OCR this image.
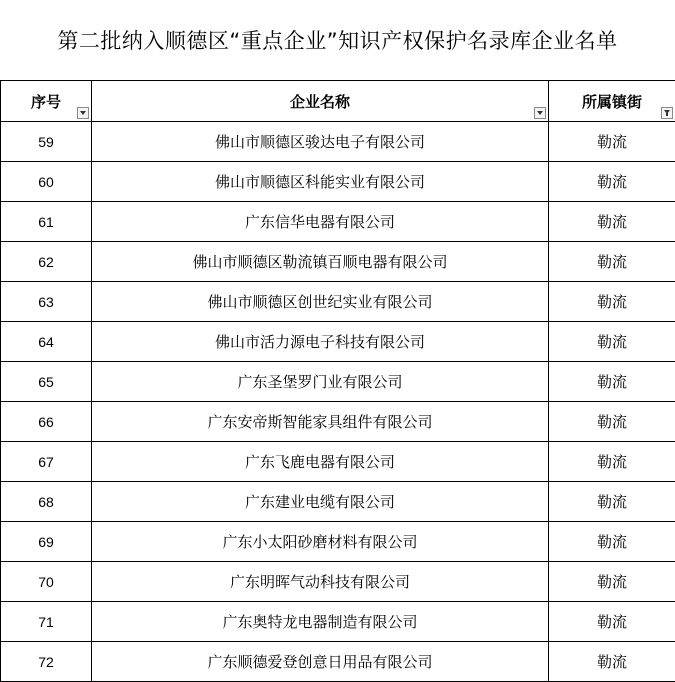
第二批纳入顺德区“重点企业”知识产权保护名录库企业名单
序号	企业名称	所属镇街

59	佛山市顺德区骏达电子有限公司	勒流
60	佛山市顺德区科能实业有限公司	勒流
61	广东信华电器有限公司	勒流
62	佛山市顺德区勒流镇百顺电器有限公司	勒流
63	佛山市顺德区创世纪实业有限公司	勒流
64	佛山市活力源电子科技有限公司	勒流
65	广东圣堡罗门业有限公司	勒流
66	广东安帝斯智能家具组件有限公司	勒流
67	广东飞鹿电器有限公司	勒流
68	广东建业电缆有限公司	勒流
69	广东小太阳砂磨材料有限公司	勒流
70	广东明晖气动科技有限公司	勒流
71	广东奥特龙电器制造有限公司	勒流
72	广东顺德爱登创意日用品有限公司	勒流
